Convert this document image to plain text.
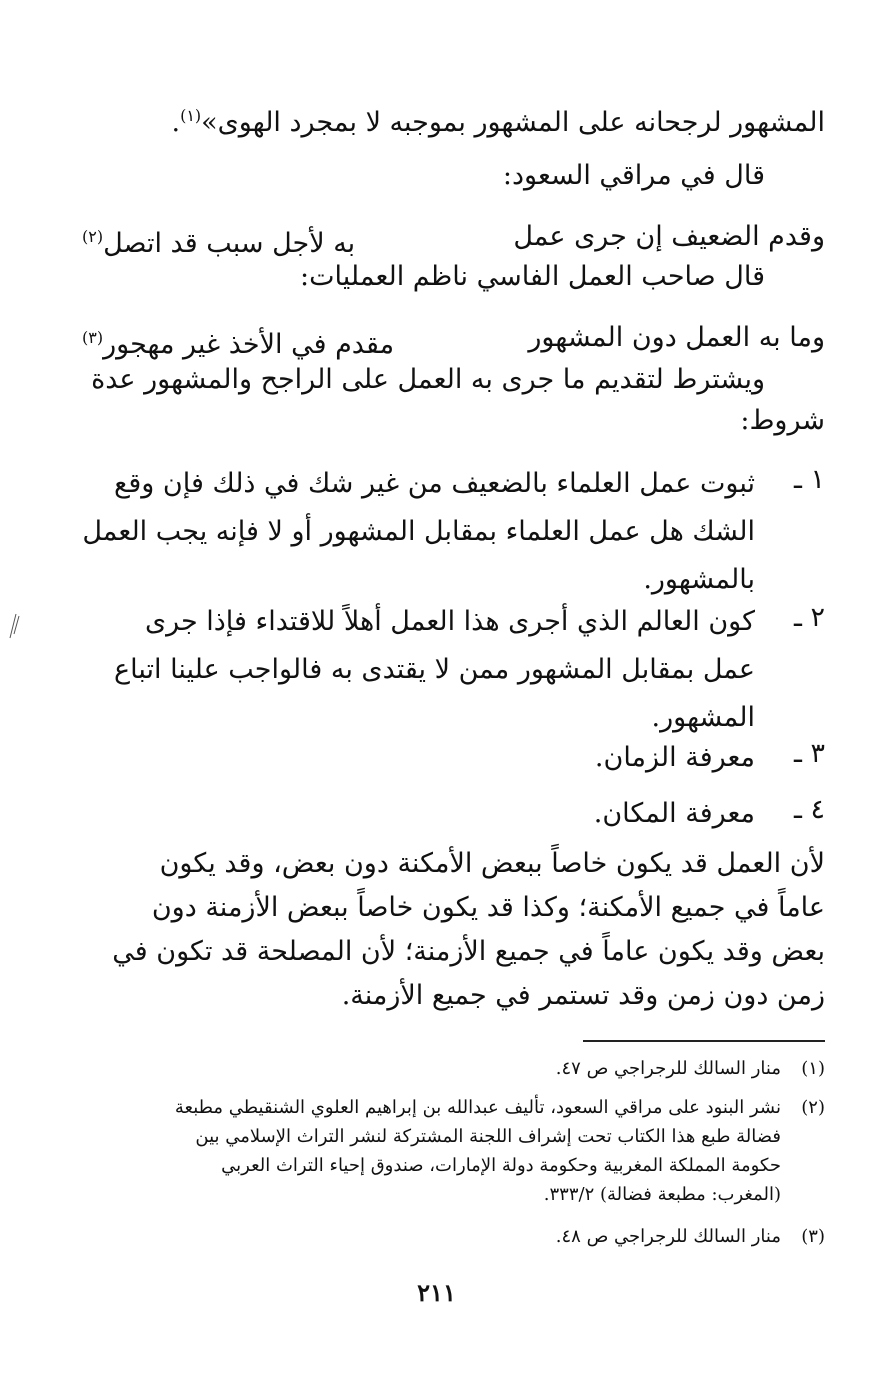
المشهور لرجحانه على المشهور بموجبه لا بمجرد الهوى»$^{(١)}$.
قال في مراقي السعود:
وقدم الضعيف إن جرى عمل
به لأجل سبب قد اتصل$^{(٢)}$
قال صاحب العمل الفاسي ناظم العمليات:
وما به العمل دون المشهور
مقدم في الأخذ غير مهجور$^{(٣)}$
ويشترط لتقديم ما جرى به العمل على الراجح والمشهور عدة
شروط:
١ ـ
ثبوت عمل العلماء بالضعيف من غير شك في ذلك فإن وقع
الشك هل عمل العلماء بمقابل المشهور أو لا فإنه يجب العمل
بالمشهور.
٢ ـ
كون العالم الذي أجرى هذا العمل أهلاً للاقتداء فإذا جرى
عمل بمقابل المشهور ممن لا يقتدى به فالواجب علينا اتباع
المشهور.
٣ ـ
معرفة الزمان.
٤ ـ
معرفة المكان.
لأن العمل قد يكون خاصاً ببعض الأمكنة دون بعض، وقد يكون
عاماً في جميع الأمكنة؛ وكذا قد يكون خاصاً ببعض الأزمنة دون
بعض وقد يكون عاماً في جميع الأزمنة؛ لأن المصلحة قد تكون في
زمن دون زمن وقد تستمر في جميع الأزمنة.
(١)
منار السالك للرجراجي ص ٤٧.
(٢)
نشر البنود على مراقي السعود، تأليف عبدالله بن إبراهيم العلوي الشنقيطي مطبعة
فضالة طبع هذا الكتاب تحت إشراف اللجنة المشتركة لنشر التراث الإسلامي بين
حكومة المملكة المغربية وحكومة دولة الإمارات، صندوق إحياء التراث العربي
(المغرب: مطبعة فضالة) ٣٣٣/٢.
(٣)
منار السالك للرجراجي ص ٤٨.
٢١١
